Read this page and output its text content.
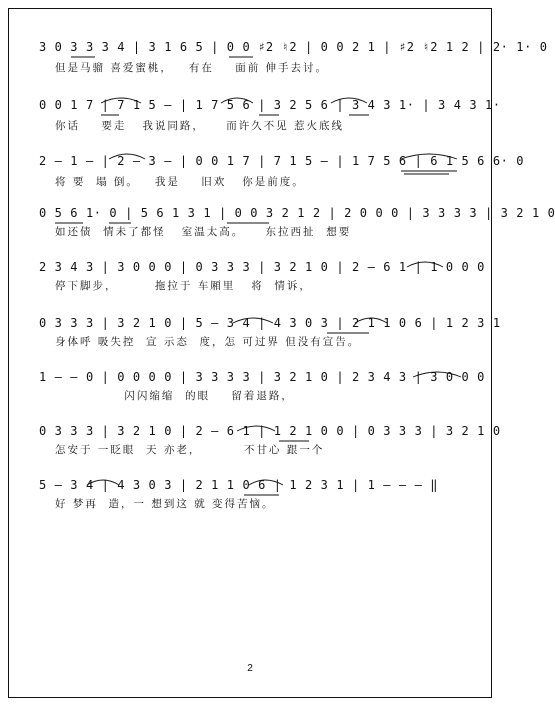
3 0 3 3 3 4 | 3 1 6 5 | 0 0 ♯2 ♮2 | 0 0 2 1 | ♯2 ♮2 1 2 | 2· 1· 0
但是马骝 喜爱蜜桃，   有在    面前 伸手去讨。
0 0 1 7 | 7 1 5 – | 1 7 5 6 | 3 2 5 6 | 3 4 3 1· | 3 4 3 1·
你话    要走   我说同路，    而许久不见 惹火底线
2 – 1 – | 2 – 3 – | 0 0 1 7 | 7 1 5 – | 1 7 5 6 | 6 1 5 6 6· 0
将 要  塌 倒。   我是    旧欢   你是前度。
0 5 6 1· 0 | 5 6 1 3 1 | 0 0 3 2 1 2 | 2 0 0 0 | 3 3 3 3 | 3 2 1 0
如还债  情未了都怪   室温太高。    东拉西扯  想要
2 3 4 3 | 3 0 0 0 | 0 3 3 3 | 3 2 1 0 | 2 – 6 1 | 1 0 0 0
停下脚步，       拖拉于 车厢里   将  情诉，
0 3 3 3 | 3 2 1 0 | 5 – 3 4 | 4 3 0 3 | 2 1 1 0 6 | 1 2 3 1
身体呼 吸失控  宣 示态  度，怎 可过界 但没有宣告。
1 – – 0 | 0 0 0 0 | 3 3 3 3 | 3 2 1 0 | 2 3 4 3 | 3 0 0 0
闪闪缩缩  的眼    留着退路，
0 3 3 3 | 3 2 1 0 | 2 – 6 1 | 1 2 1 0 0 | 0 3 3 3 | 3 2 1 0
怎安于 一眨眼  天 亦老，        不甘心 跟一个
5 – 3 4 | 4 3 0 3 | 2 1 1 0 6 | 1 2 3 1 | 1 – – – ‖
好 梦再  造，一 想到这 就 变得苦恼。
2
